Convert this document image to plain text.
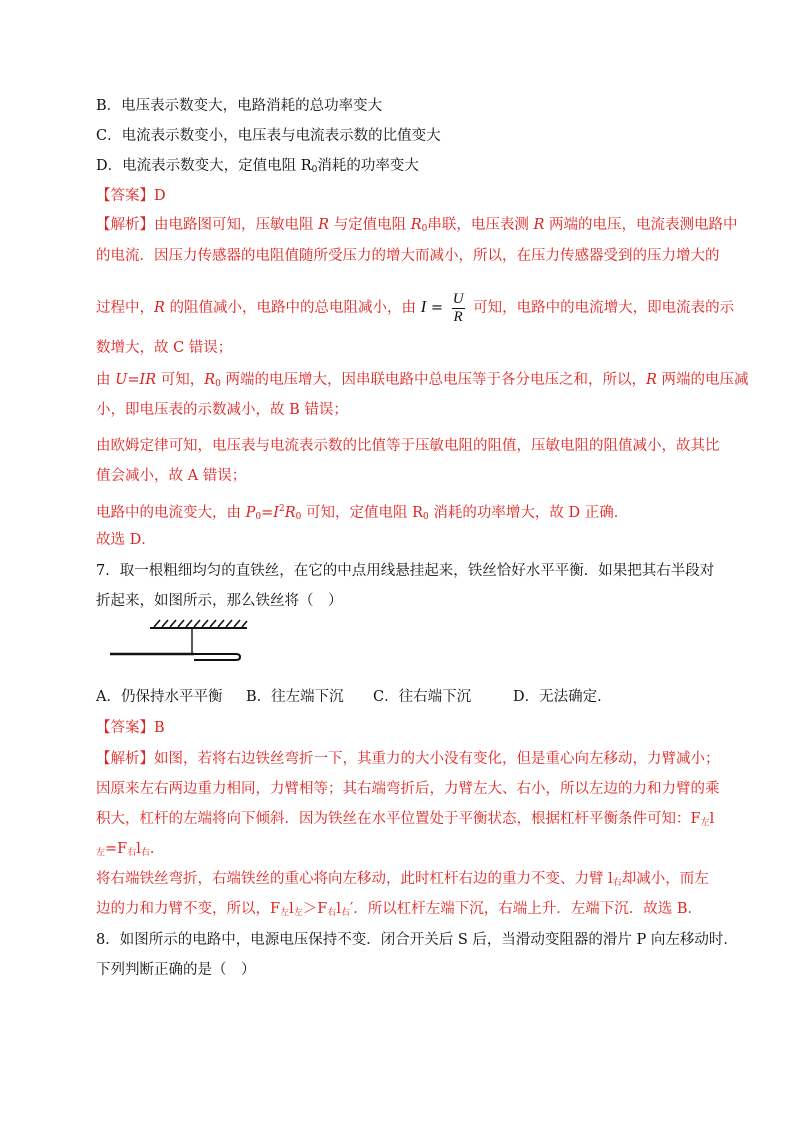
B．电压表示数变大，电路消耗的总功率变大
C．电流表示数变小，电压表与电流表示数的比值变大
D．电流表示数变大，定值电阻 $R_0$消耗的功率变大
【答案】D
【解析】由电路图可知，压敏电阻 R 与定值电阻 $R_0$串联，电压表测 R 两端的电压，电流表测电路中
的电流．因压力传感器的电阻值随所受压力的增大而减小，所以，在压力传感器受到的压力增大的
过程中，R 的阻值减小，电路中的总电阻减小，由 $I = \frac{U}{R}$ 可知，电路中的电流增大，即电流表的示
数增大，故 C 错误；
由 U=IR 可知，$R_0$ 两端的电压增大，因串联电路中总电压等于各分电压之和，所以，R 两端的电压减
小，即电压表的示数减小，故 B 错误；
由欧姆定律可知，电压表与电流表示数的比值等于压敏电阻的阻值，压敏电阻的阻值减小，故其比
值会减小，故 A 错误；
电路中的电流变大，由 $P_0=I^2R_0$ 可知，定值电阻 $R_0$ 消耗的功率增大，故 D 正确．
故选 D．
7．取一根粗细均匀的直铁丝，在它的中点用线悬挂起来，铁丝恰好水平平衡．如果把其右半段对
折起来，如图所示，那么铁丝将（　）
A．仍保持水平平衡 B．往左端下沉 C．往右端下沉	D．无法确定．
【答案】B
【解析】如图，若将右边铁丝弯折一下，其重力的大小没有变化，但是重心向左移动，力臂减小；
因原来左右两边重力相同，力臂相等；其右端弯折后，力臂左大、右小，所以左边的力和力臂的乘
积大，杠杆的左端将向下倾斜．因为铁丝在水平位置处于平衡状态，根据杠杆平衡条件可知：$F_左l$
$_左=F_右l_右$．
将右端铁丝弯折，右端铁丝的重心将向左移动，此时杠杆右边的重力不变、力臂 $l_右$却减小，而左
边的力和力臂不变，所以，$F_左l_左>F_右l_右'$．所以杠杆左端下沉，右端上升．左端下沉．故选 B．
8．如图所示的电路中，电源电压保持不变．闭合开关后 S 后，当滑动变阻器的滑片 P 向左移动时．
下列判断正确的是（　）
